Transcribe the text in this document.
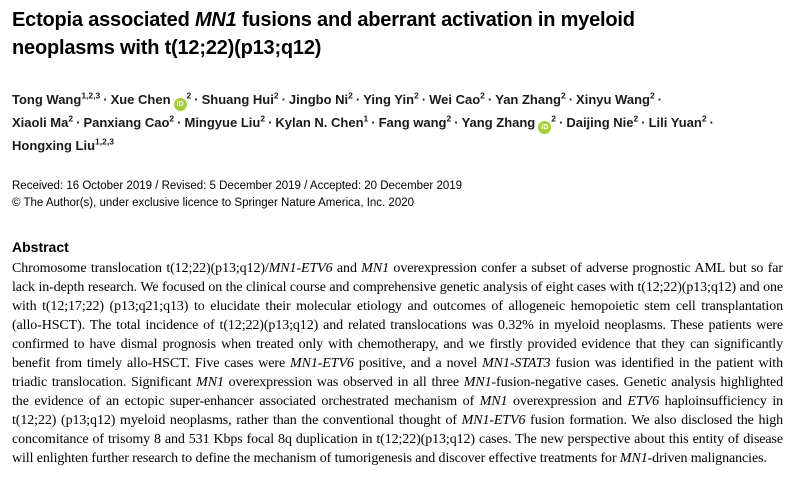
Ectopia associated MN1 fusions and aberrant activation in myeloid
neoplasms with t(12;22)(p13;q12)

Tong Wang$^{1,2,3}$ · Xue Chen $iD^2$ · Shuang Hui$^2$ · Jingbo $Ni^2$ · Ying Yin$^2$ · Wei Cao$^2$ · Yan Zhang$^2$ · Xinyu Wang$^2$ ·
Xiaoli $Ma^2$ · Panxiang Cao$^2$ · Mingyue Liu$^2$ · Kylan N. Chen$^1$ · Fang wang$^2$ · Yang Zhang $iD^2$ · Daijing Nie$^2$ · Lili Yuan$^2$ ·
Hongxing Liu$^{1,2,3}$

Received: 16 October 2019 / Revised: 5 December 2019 / Accepted: 20 December 2019

© The Author(s), under exclusive licence to Springer Nature America, Inc. 2020

Abstract

Chromosome translocation t(12;22)(p13;q12)/MN1-ETV6 and MN1 overexpression confer a subset of adverse prognostic AML but so far lack in-depth research. We focused on the clinical course and comprehensive genetic analysis of eight cases with t(12;22)(p13;q12) and one with t(12;17;22) (p13;q21;q13) to elucidate their molecular etiology and outcomes of allogeneic hemopoietic stem cell transplantation (allo-HSCT). The total incidence of t(12;22)(p13;q12) and related translocations was 0.32% in myeloid neoplasms. These patients were confirmed to have dismal prognosis when treated only with chemotherapy, and we firstly provided evidence that they can significantly benefit from timely allo-HSCT. Five cases were MN1-ETV6 positive, and a novel MN1-STAT3 fusion was identified in the patient with triadic translocation. Significant MN1 overexpression was observed in all three MN1-fusion-negative cases. Genetic analysis highlighted the evidence of an ectopic super-enhancer associated orchestrated mechanism of MN1 overexpression and ETV6 haploinsufficiency in t(12;22) (p13;q12) myeloid neoplasms, rather than the conventional thought of MN1-ETV6 fusion formation. We also disclosed the high concomitance of trisomy 8 and 531 Kbps focal 8q duplication in t(12;22)(p13;q12) cases. The new perspective about this entity of disease will enlighten further research to define the mechanism of tumorigenesis and discover effective treatments for MN1-driven malignancies.
